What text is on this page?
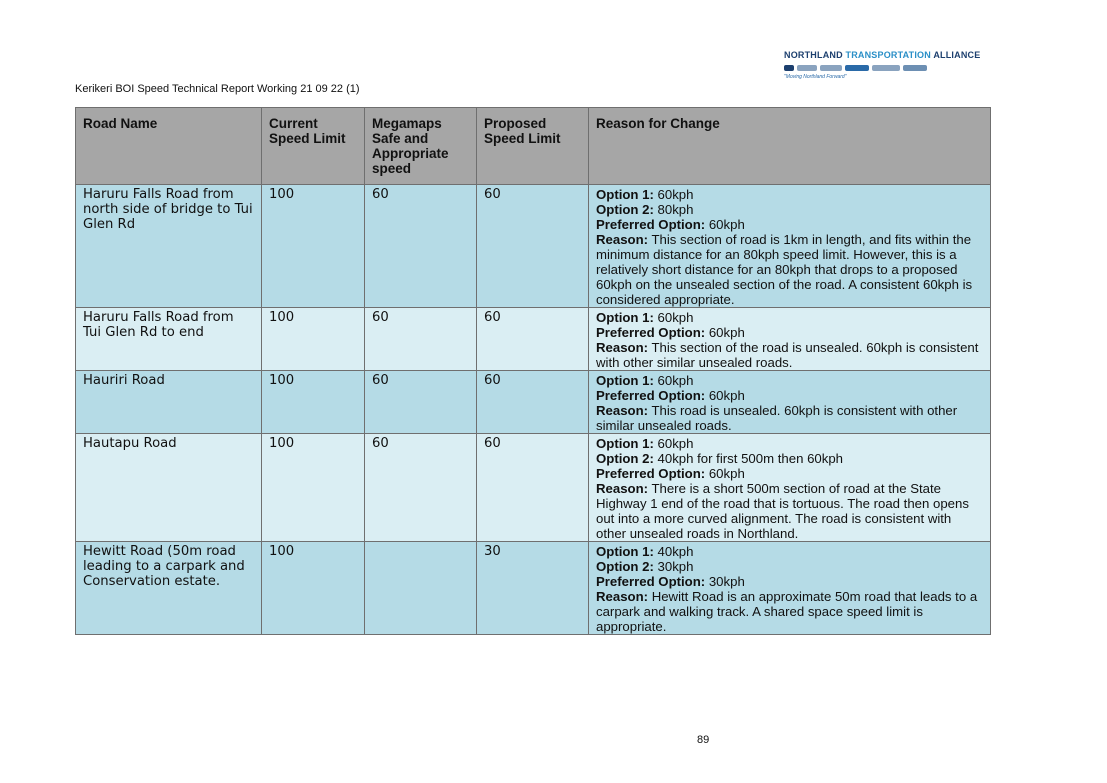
Kerikeri BOI Speed Technical Report Working 21 09 22 (1)
NORTHLAND TRANSPORTATION ALLIANCE
"Moving Northland Forward"
Road Name	Current Speed Limit	Megamaps Safe and Appropriate speed	Proposed Speed Limit	Reason for Change
Haruru Falls Road from north side of bridge to Tui Glen Rd	100	60	60	Option 1: 60kph
Option 2: 80kph
Preferred Option: 60kph
Reason: This section of road is 1km in length, and fits within the minimum distance for an 80kph speed limit. However, this is a relatively short distance for an 80kph that drops to a proposed 60kph on the unsealed section of the road. A consistent 60kph is considered appropriate.

Haruru Falls Road from Tui Glen Rd to end	100	60	60	Option 1: 60kph
Preferred Option: 60kph
Reason: This section of the road is unsealed. 60kph is consistent with other similar unsealed roads.

Hauriri Road	100	60	60	Option 1: 60kph
Preferred Option: 60kph
Reason: This road is unsealed. 60kph is consistent with other similar unsealed roads.

Hautapu Road	100	60	60	Option 1: 60kph
Option 2: 40kph for first 500m then 60kph
Preferred Option: 60kph
Reason: There is a short 500m section of road at the State Highway 1 end of the road that is tortuous. The road then opens out into a more curved alignment. The road is consistent with other unsealed roads in Northland.

Hewitt Road (50m road leading to a carpark and Conservation estate.	100		30	Option 1: 40kph
Option 2: 30kph
Preferred Option: 30kph
Reason: Hewitt Road is an approximate 50m road that leads to a carpark and walking track. A shared space speed limit is appropriate.
89
